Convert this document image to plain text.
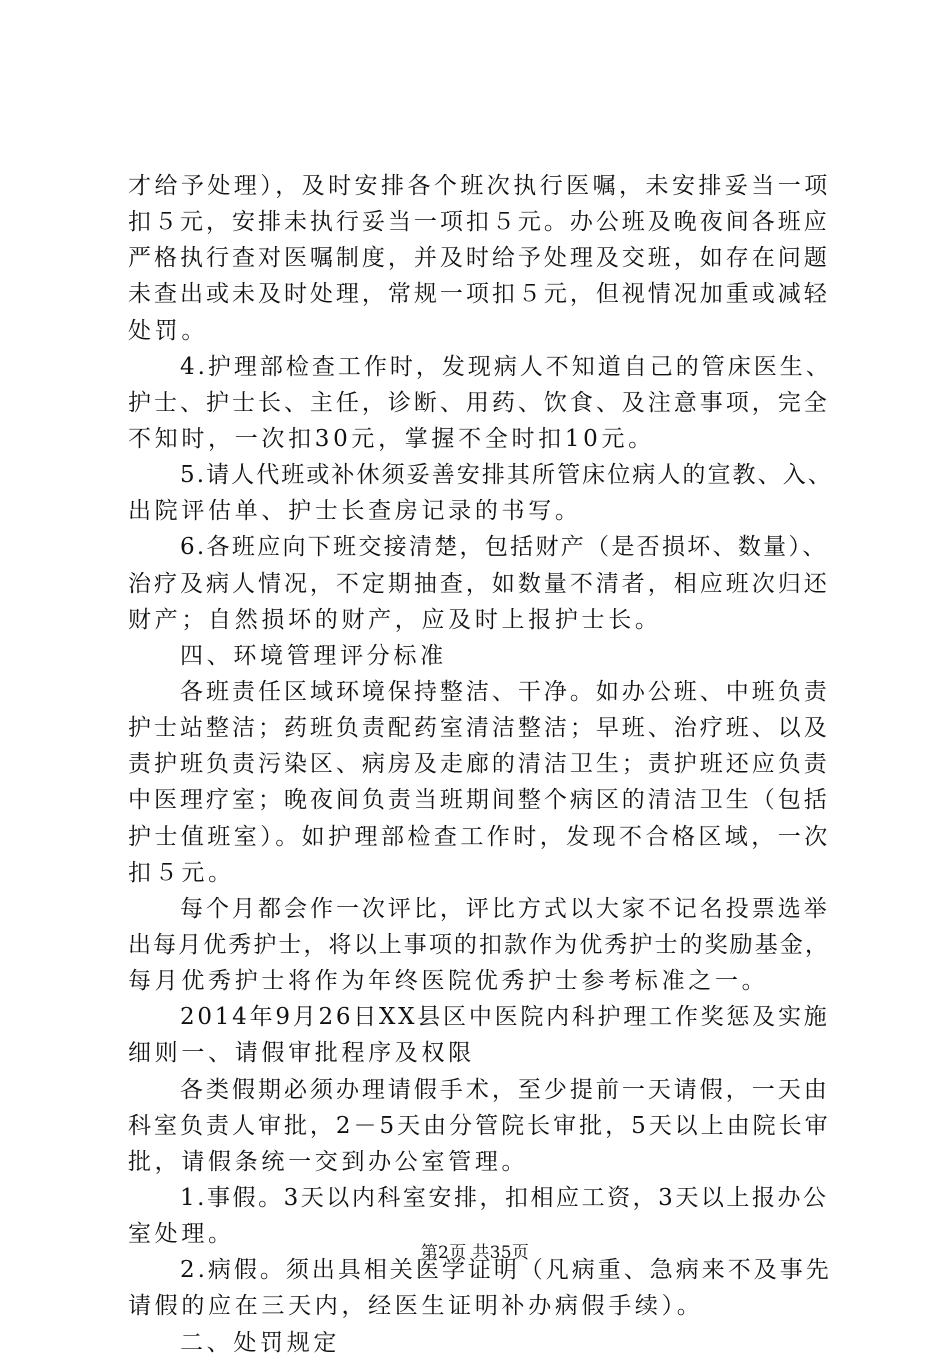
才给予处理），及时安排各个班次执行医嘱，未安排妥当一项
扣５元，安排未执行妥当一项扣５元。办公班及晚夜间各班应
严格执行查对医嘱制度，并及时给予处理及交班，如存在问题
未查出或未及时处理，常规一项扣５元，但视情况加重或减轻
处罚。
4.护理部检查工作时，发现病人不知道自己的管床医生、
护士、护士长、主任，诊断、用药、饮食、及注意事项，完全
不知时，一次扣30元，掌握不全时扣10元。
5.请人代班或补休须妥善安排其所管床位病人的宣教、入、
出院评估单、护士长查房记录的书写。
6.各班应向下班交接清楚，包括财产（是否损坏、数量）、
治疗及病人情况，不定期抽查，如数量不清者，相应班次归还
财产；自然损坏的财产，应及时上报护士长。
四、环境管理评分标准
各班责任区域环境保持整洁、干净。如办公班、中班负责
护士站整洁；药班负责配药室清洁整洁；早班、治疗班、以及
责护班负责污染区、病房及走廊的清洁卫生；责护班还应负责
中医理疗室；晚夜间负责当班期间整个病区的清洁卫生（包括
护士值班室）。如护理部检查工作时，发现不合格区域，一次
扣５元。
每个月都会作一次评比，评比方式以大家不记名投票选举
出每月优秀护士，将以上事项的扣款作为优秀护士的奖励基金，
每月优秀护士将作为年终医院优秀护士参考标准之一。
2014年9月26日XX县区中医院内科护理工作奖惩及实施
细则一、请假审批程序及权限
各类假期必须办理请假手术，至少提前一天请假，一天由
科室负责人审批，2－5天由分管院长审批，5天以上由院长审
批，请假条统一交到办公室管理。
1.事假。3天以内科室安排，扣相应工资，3天以上报办公
室处理。
2.病假。须出具相关医学证明（凡病重、急病来不及事先
请假的应在三天内，经医生证明补办病假手续）。
二、处罚规定
第2页 共35页
